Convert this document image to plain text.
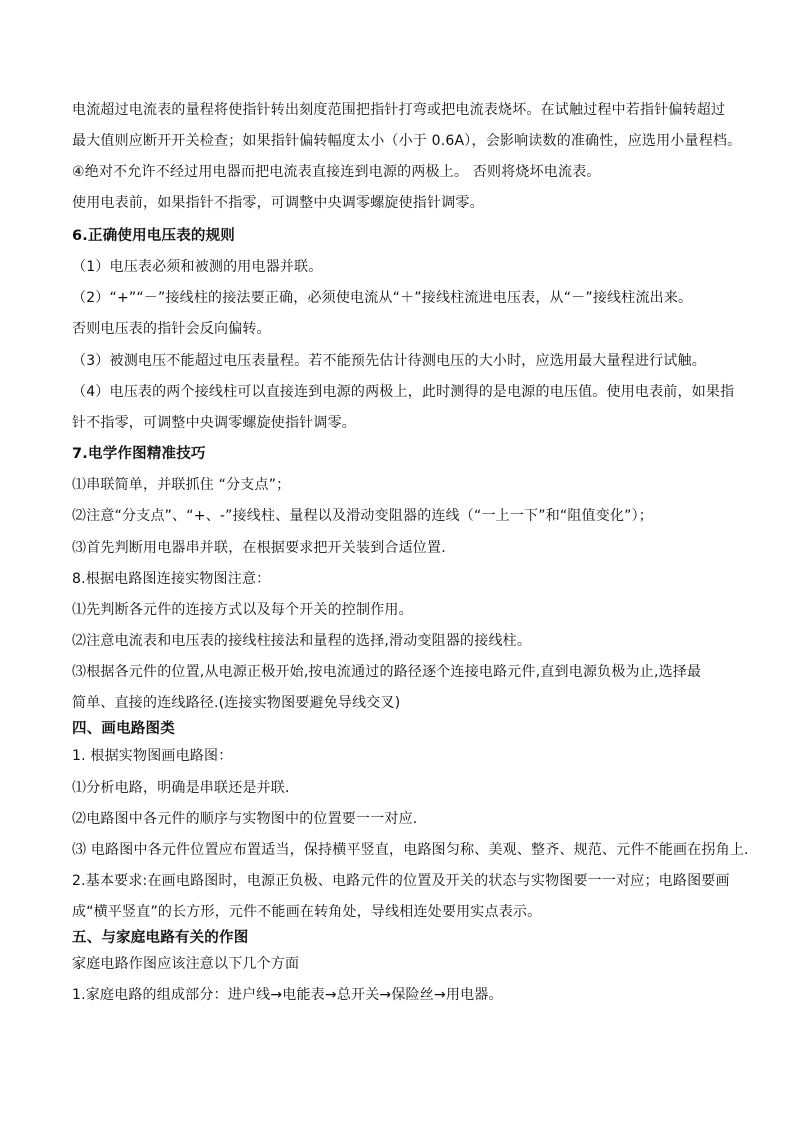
电流超过电流表的量程将使指针转出刻度范围把指针打弯或把电流表烧坏。在试触过程中若指针偏转超过
最大值则应断开开关检查；如果指针偏转幅度太小（小于 0.6A），会影响读数的准确性，应选用小量程档。
④绝对不允许不经过用电器而把电流表直接连到电源的两极上。 否则将烧坏电流表。
使用电表前，如果指针不指零，可调整中央调零螺旋使指针调零。
6.正确使用电压表的规则
（1）电压表必须和被测的用电器并联。
（2）“+”“－”接线柱的接法要正确，必须使电流从“＋”接线柱流进电压表，从“－”接线柱流出来。
否则电压表的指针会反向偏转。
（3）被测电压不能超过电压表量程。若不能预先估计待测电压的大小时，应选用最大量程进行试触。
（4）电压表的两个接线柱可以直接连到电源的两极上，此时测得的是电源的电压值。使用电表前，如果指
针不指零，可调整中央调零螺旋使指针调零。
7.电学作图精准技巧
⑴串联简单，并联抓住 “分支点”；
⑵注意“分支点”、“+、-”接线柱、量程以及滑动变阻器的连线（“一上一下”和“阻值变化”）；
⑶首先判断用电器串并联，在根据要求把开关装到合适位置.
8.根据电路图连接实物图注意：
⑴先判断各元件的连接方式以及每个开关的控制作用。
⑵注意电流表和电压表的接线柱接法和量程的选择,滑动变阻器的接线柱。
⑶根据各元件的位置,从电源正极开始,按电流通过的路径逐个连接电路元件,直到电源负极为止,选择最
简单、直接的连线路径.(连接实物图要避免导线交叉)
四、画电路图类
1. 根据实物图画电路图：
⑴分析电路，明确是串联还是并联.
⑵电路图中各元件的顺序与实物图中的位置要一一对应.
⑶ 电路图中各元件位置应布置适当，保持横平竖直，电路图匀称、美观、整齐、规范、元件不能画在拐角上.
2.基本要求:在画电路图时，电源正负极、电路元件的位置及开关的状态与实物图要一一对应；电路图要画
成“横平竖直”的长方形，元件不能画在转角处，导线相连处要用实点表示。
五、与家庭电路有关的作图
家庭电路作图应该注意以下几个方面
1.家庭电路的组成部分：进户线→电能表→总开关→保险丝→用电器。
